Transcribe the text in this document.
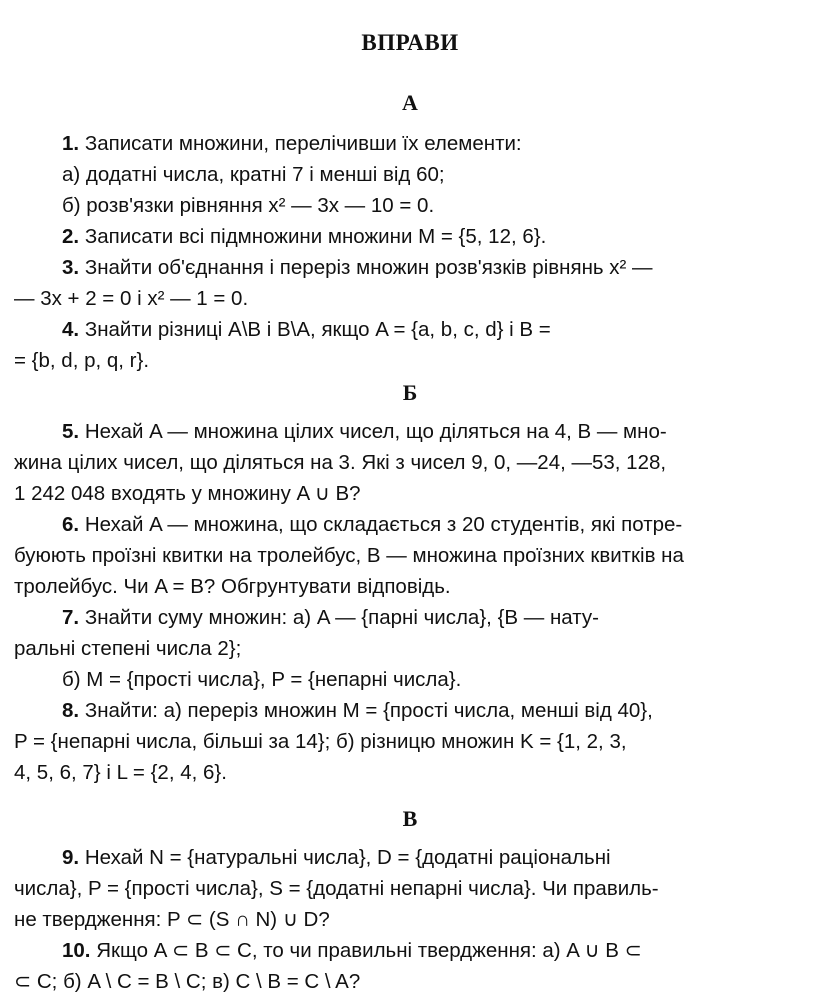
ВПРАВИ
А

1. Записати множини, перелічивши їх елементи:

а) додатні числа, кратні 7 і менші від 60;

б) розв'язки рівняння x² — 3x — 10 = 0.

2. Записати всі підмножини множини M = {5, 12, 6}.

3. Знайти об'єднання і переріз множин розв'язків рівнянь x² —

— 3x + 2 = 0 і x² — 1 = 0.

4. Знайти різниці A\B і B\A, якщо A = {a, b, c, d} і B =

= {b, d, p, q, r}.

Б

5. Нехай A — множина цілих чисел, що діляться на 4, B — мно-

жина цілих чисел, що діляться на 3. Які з чисел 9, 0, —24, —53, 128,

1 242 048 входять у множину A ∪ B?

6. Нехай A — множина, що складається з 20 студентів, які потре-

буюють проїзні квитки на тролейбус, B — множина проїзних квитків на

тролейбус. Чи A = B? Обгрунтувати відповідь.

7. Знайти суму множин: а) A — {парні числа}, {B — нату-

ральні степені числа 2};

б) M = {прості числа}, P = {непарні числа}.

8. Знайти: а) переріз множин M = {прості числа, менші від 40},

P = {непарні числа, більші за 14}; б) різницю множин K = {1, 2, 3,

4, 5, 6, 7} і L = {2, 4, 6}.

В

9. Нехай N = {натуральні числа}, D = {додатні раціональні

числа}, P = {прості числа}, S = {додатні непарні числа}. Чи правиль-

не твердження: P ⊂ (S ∩ N) ∪ D?

10. Якщо A ⊂ B ⊂ C, то чи правильні твердження: а) A ∪ B ⊂

⊂ C; б) A \ C = B \ C; в) C \ B = C \ A?
